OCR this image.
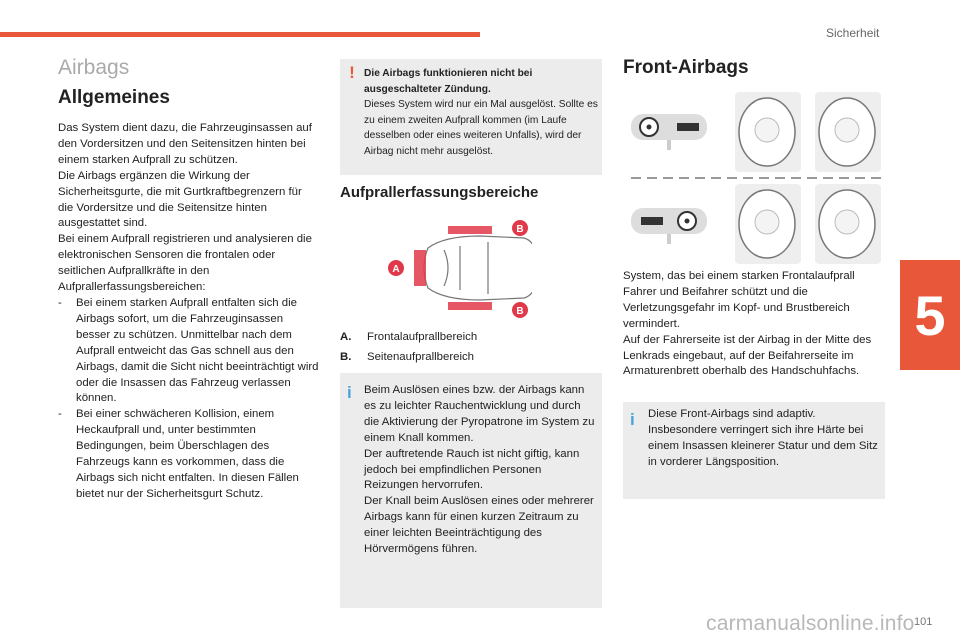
Sicherheit
5
Airbags
Allgemeines
Das System dient dazu, die Fahrzeuginsassen auf den Vordersitzen und den Seitensitzen hinten bei einem starken Aufprall zu schützen.
Die Airbags ergänzen die Wirkung der Sicherheitsgurte, die mit Gurtkraftbegrenzern für die Vordersitze und die Seitensitze hinten ausgestattet sind.
Bei einem Aufprall registrieren und analysieren die elektronischen Sensoren die frontalen oder seitlichen Aufprallkräfte in den Aufprallerfassungsbereichen:
-	Bei einem starken Aufprall entfalten sich die Airbags sofort, um die Fahrzeuginsassen besser zu schützen. Unmittelbar nach dem Aufprall entweicht das Gas schnell aus den Airbags, damit die Sicht nicht beeinträchtigt wird oder die Insassen das Fahrzeug verlassen können.
-	Bei einer schwächeren Kollision, einem Heckaufprall und, unter bestimmten Bedingungen, beim Überschlagen des Fahrzeugs kann es vorkommen, dass die Airbags sich nicht entfalten. In diesen Fällen bietet nur der Sicherheitsgurt Schutz.
! Die Airbags funktionieren nicht bei ausgeschalteter Zündung.
Dieses System wird nur ein Mal ausgelöst. Sollte es zu einem zweiten Aufprall kommen (im Laufe desselben oder eines weiteren Unfalls), wird der Airbag nicht mehr ausgelöst.
Aufprallerfassungsbereiche
B
A
B
A.	Frontalaufprallbereich
B.	Seitenaufprallbereich
i	Beim Auslösen eines bzw. der Airbags kann es zu leichter Rauchentwicklung und durch die Aktivierung der Pyropatrone im System zu einem Knall kommen.
Der auftretende Rauch ist nicht giftig, kann jedoch bei empfindlichen Personen Reizungen hervorrufen.
Der Knall beim Auslösen eines oder mehrerer Airbags kann für einen kurzen Zeitraum zu einer leichten Beeinträchtigung des Hörvermögens führen.
Front-Airbags
System, das bei einem starken Frontalaufprall Fahrer und Beifahrer schützt und die Verletzungsgefahr im Kopf- und Brustbereich vermindert.
Auf der Fahrerseite ist der Airbag in der Mitte des Lenkrads eingebaut, auf der Beifahrerseite im Armaturenbrett oberhalb des Handschuhfachs.
i	Diese Front-Airbags sind adaptiv. Insbesondere verringert sich ihre Härte bei einem Insassen kleinerer Statur und dem Sitz in vorderer Längsposition.
carmanualsonline.info 101
